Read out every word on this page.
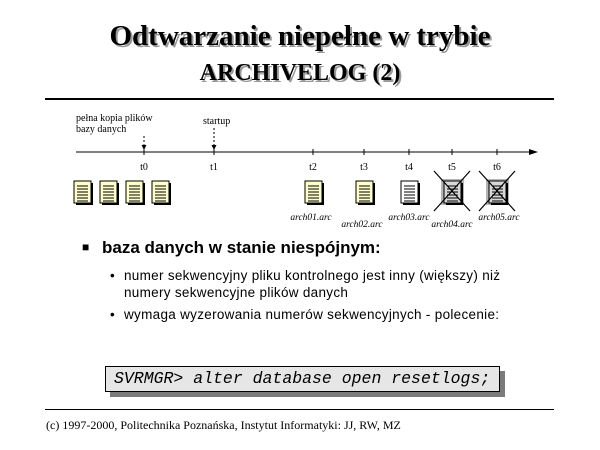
Odtwarzanie niepełne w trybie
ARCHIVELOG (2)
t0	t1	t2	t3	t4	t5	t6
pełna kopia plików
bazy danych
startup
arch01.arc
arch02.arc
arch03.arc
arch04.arc
arch05.arc
■ baza danych w stanie niespójnym:
• numer sekwencyjny pliku kontrolnego jest inny (większy) niż numery sekwencyjne plików danych
• wymaga wyzerowania numerów sekwencyjnych - polecenie:
SVRMGR> alter database open resetlogs;
(c) 1997-2000, Politechnika Poznańska, Instytut Informatyki: JJ, RW, MZ
